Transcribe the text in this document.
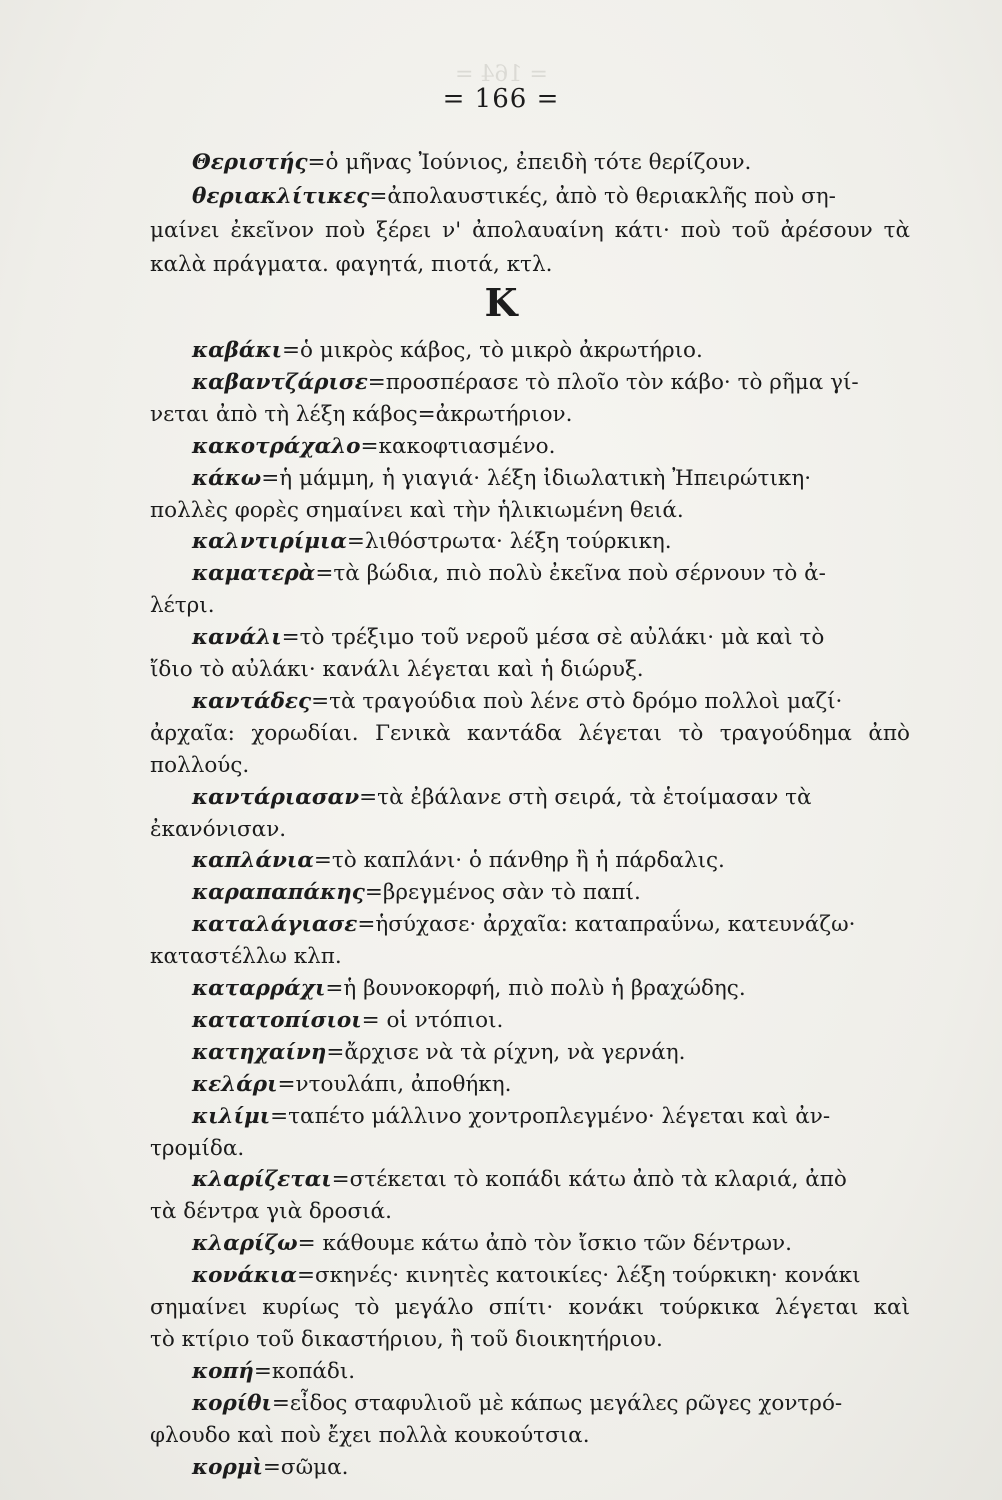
= 164 =
= 166 =
Θεριστής=ὁ μῆνας Ἰούνιος, ἐπειδὴ τότε θερίζουν.
θεριακλίτικες=ἀπολαυστικές, ἀπὸ τὸ θεριακλῆς ποὺ ση-
μαίνει ἐκεῖνον ποὺ ξέρει ν' ἀπολαυαίνη κάτι· ποὺ τοῦ ἀρέσουν τὰ
καλὰ πράγματα. φαγητά, πιοτά, κτλ.
Κ
καβάκι=ὁ μικρὸς κάβος, τὸ μικρὸ ἀκρωτήριο.
καβαντζάρισε=προσπέρασε τὸ πλοῖο τὸν κάβο· τὸ ρῆμα γί-
νεται ἀπὸ τὴ λέξη κάβος=ἀκρωτήριον.
κακοτράχαλο=κακοφτιασμένο.
κάκω=ἡ μάμμη, ἡ γιαγιά· λέξη ἰδιωλατικὴ Ἠπειρώτικη·
πολλὲς φορὲς σημαίνει καὶ τὴν ἡλικιωμένη θειά.
καλντιρίμια=λιθόστρωτα· λέξη τούρκικη.
καματερὰ=τὰ βώδια, πιὸ πολὺ ἐκεῖνα ποὺ σέρνουν τὸ ἀ-
λέτρι.
κανάλι=τὸ τρέξιμο τοῦ νεροῦ μέσα σὲ αὐλάκι· μὰ καὶ τὸ
ἴδιο τὸ αὐλάκι· κανάλι λέγεται καὶ ἡ διώρυξ.
καντάδες=τὰ τραγούδια ποὺ λένε στὸ δρόμο πολλοὶ μαζί·
ἀρχαῖα: χορωδίαι. Γενικὰ καντάδα λέγεται τὸ τραγούδημα ἀπὸ
πολλούς.
καντάριασαν=τὰ ἐβάλανε στὴ σειρά, τὰ ἑτοίμασαν τὰ
ἐκανόνισαν.
καπλάνια=τὸ καπλάνι· ὁ πάνθηρ ἢ ἡ πάρδαλις.
καραπαπάκης=βρεγμένος σὰν τὸ παπί.
καταλάγιασε=ἡσύχασε· ἀρχαῖα: καταπραΰνω, κατευνάζω·
καταστέλλω κλπ.
καταρράχι=ἡ βουνοκορφή, πιὸ πολὺ ἡ βραχώδης.
κατατοπίσιοι= οἱ ντόπιοι.
κατηχαίνη=ἄρχισε νὰ τὰ ρίχνη, νὰ γερνάη.
κελάρι=ντουλάπι, ἀποθήκη.
κιλίμι=ταπέτο μάλλινο χοντροπλεγμένο· λέγεται καὶ ἀν-
τρομίδα.
κλαρίζεται=στέκεται τὸ κοπάδι κάτω ἀπὸ τὰ κλαριά, ἀπὸ
τὰ δέντρα γιὰ δροσιά.
κλαρίζω= κάθουμε κάτω ἀπὸ τὸν ἴσκιο τῶν δέντρων.
κονάκια=σκηνές· κινητὲς κατοικίες· λέξη τούρκικη· κονάκι
σημαίνει κυρίως τὸ μεγάλο σπίτι· κονάκι τούρκικα λέγεται καὶ
τὸ κτίριο τοῦ δικαστήριου, ἢ τοῦ διοικητήριου.
κοπή=κοπάδι.
κορίθι=εἶδος σταφυλιοῦ μὲ κάπως μεγάλες ρῶγες χοντρό-
φλουδο καὶ ποὺ ἔχει πολλὰ κουκούτσια.
κορμὶ=σῶμα.
